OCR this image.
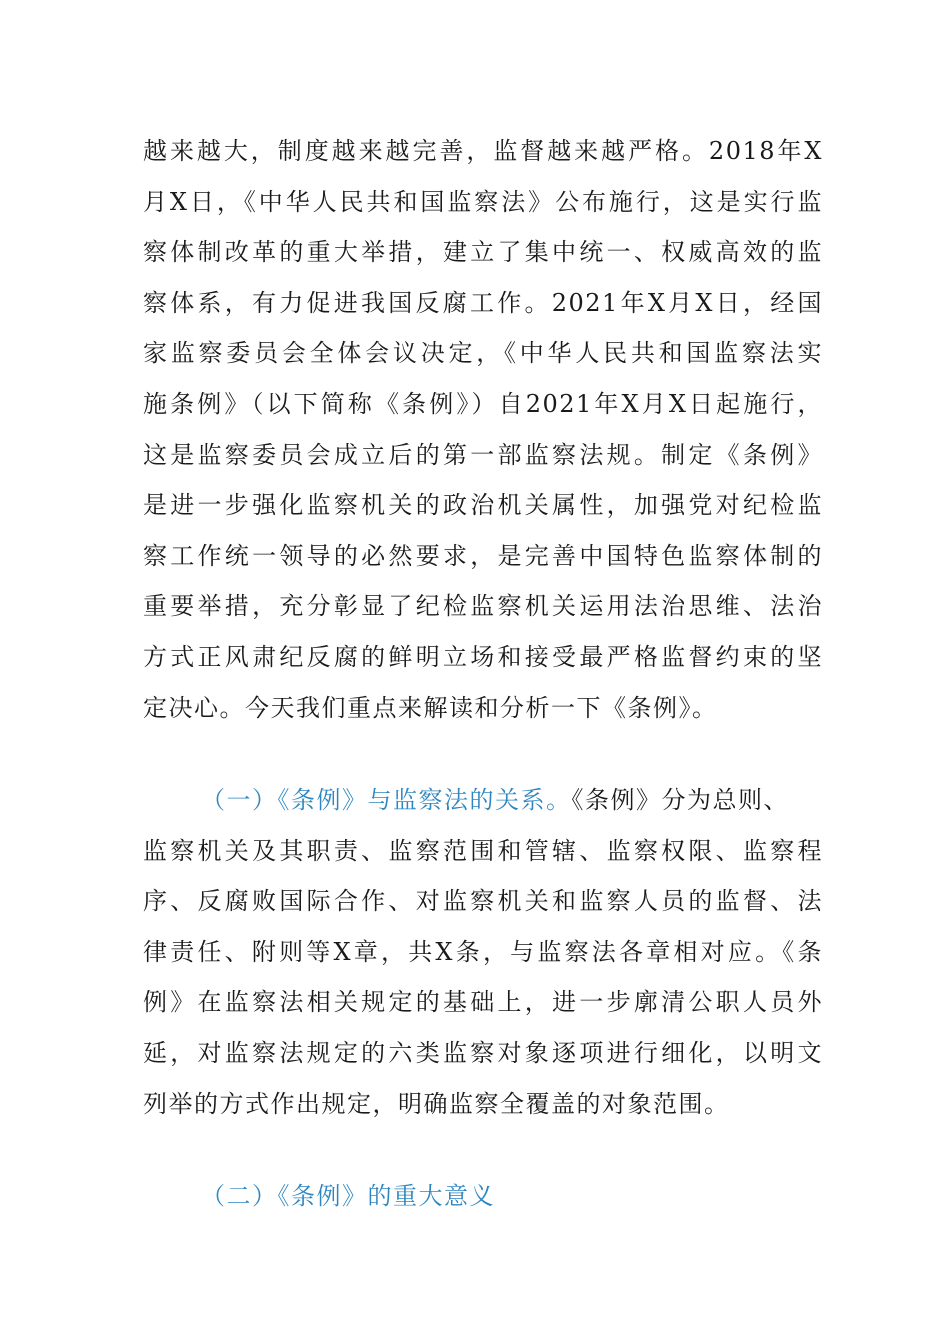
越来越大，制度越来越完善，监督越来越严格。2018年X
月X日，《中华人民共和国监察法》公布施行，这是实行监
察体制改革的重大举措，建立了集中统一、权威高效的监
察体系，有力促进我国反腐工作。2021年X月X日，经国
家监察委员会全体会议决定，《中华人民共和国监察法实
施条例》（以下简称《条例》）自2021年X月X日起施行，
这是监察委员会成立后的第一部监察法规。制定《条例》
是进一步强化监察机关的政治机关属性，加强党对纪检监
察工作统一领导的必然要求，是完善中国特色监察体制的
重要举措，充分彰显了纪检监察机关运用法治思维、法治
方式正风肃纪反腐的鲜明立场和接受最严格监督约束的坚
定决心。今天我们重点来解读和分析一下《条例》。
（一）《条例》与监察法的关系。《条例》分为总则、
监察机关及其职责、监察范围和管辖、监察权限、监察程
序、反腐败国际合作、对监察机关和监察人员的监督、法
律责任、附则等X章，共X条，与监察法各章相对应。《条
例》在监察法相关规定的基础上，进一步廓清公职人员外
延，对监察法规定的六类监察对象逐项进行细化，以明文
列举的方式作出规定，明确监察全覆盖的对象范围。
（二）《条例》的重大意义
